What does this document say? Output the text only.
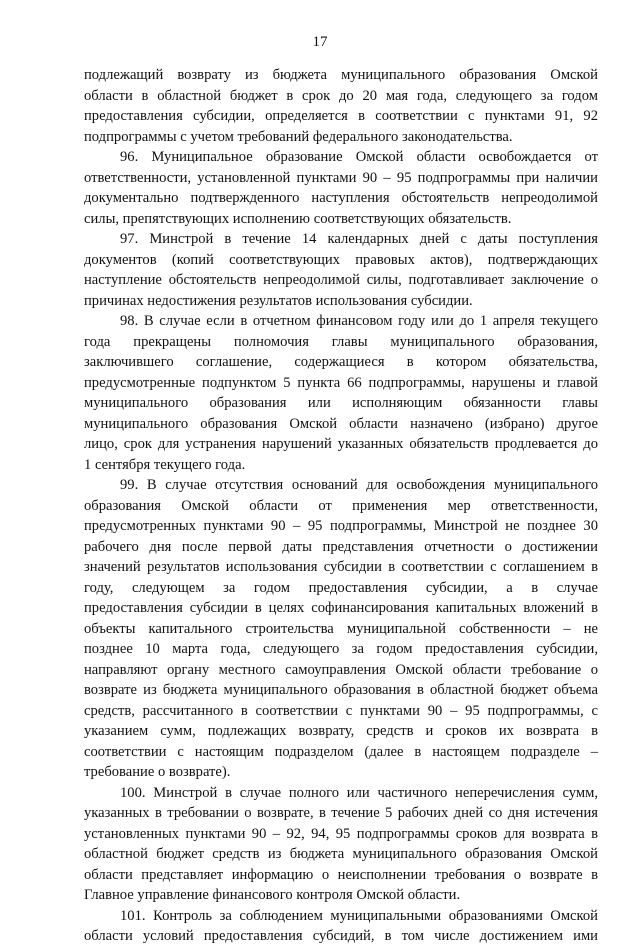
17
подлежащий возврату из бюджета муниципального образования Омской
области в областной бюджет в срок до 20 мая года, следующего за годом
предоставления субсидии, определяется в соответствии с пунктами 91, 92
подпрограммы с учетом требований федерального законодательства.
96. Муниципальное образование Омской области освобождается от
ответственности, установленной пунктами 90 – 95 подпрограммы при наличии
документально подтвержденного наступления обстоятельств непреодолимой
силы, препятствующих исполнению соответствующих обязательств.
97. Минстрой в течение 14 календарных дней с даты поступления
документов (копий соответствующих правовых актов), подтверждающих
наступление обстоятельств непреодолимой силы, подготавливает заключение о
причинах недостижения результатов использования субсидии.
98. В случае если в отчетном финансовом году или до 1 апреля текущего
года прекращены полномочия главы муниципального образования,
заключившего соглашение, содержащиеся в котором обязательства,
предусмотренные подпунктом 5 пункта 66 подпрограммы, нарушены и главой
муниципального образования или исполняющим обязанности главы
муниципального образования Омской области назначено (избрано) другое
лицо, срок для устранения нарушений указанных обязательств продлевается до
1 сентября текущего года.
99. В случае отсутствия оснований для освобождения муниципального
образования Омской области от применения мер ответственности,
предусмотренных пунктами 90 – 95 подпрограммы, Минстрой не позднее 30
рабочего дня после первой даты представления отчетности о достижении
значений результатов использования субсидии в соответствии с соглашением в
году, следующем за годом предоставления субсидии, а в случае
предоставления субсидии в целях софинансирования капитальных вложений в
объекты капитального строительства муниципальной собственности – не
позднее 10 марта года, следующего за годом предоставления субсидии,
направляют органу местного самоуправления Омской области требование о
возврате из бюджета муниципального образования в областной бюджет объема
средств, рассчитанного в соответствии с пунктами 90 – 95 подпрограммы, с
указанием сумм, подлежащих возврату, средств и сроков их возврата в
соответствии с настоящим подразделом (далее в настоящем подразделе –
требование о возврате).
100. Минстрой в случае полного или частичного неперечисления сумм,
указанных в требовании о возврате, в течение 5 рабочих дней со дня истечения
установленных пунктами 90 – 92, 94, 95 подпрограммы сроков для возврата в
областной бюджет средств из бюджета муниципального образования Омской
области представляет информацию о неисполнении требования о возврате в
Главное управление финансового контроля Омской области.
101. Контроль за соблюдением муниципальными образованиями Омской
области условий предоставления субсидий, в том числе достижением ими
